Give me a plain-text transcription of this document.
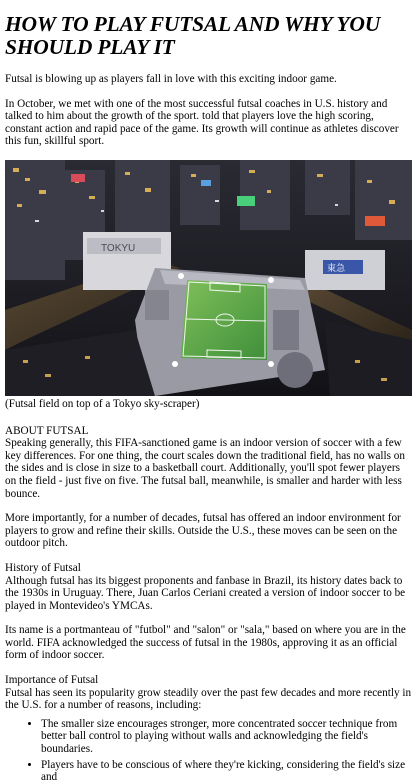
HOW TO PLAY FUTSAL AND WHY YOU SHOULD PLAY IT

Futsal is blowing up as players fall in love with this exciting indoor game.

In October, we met with one of the most successful futsal coaches in U.S. history and talked to him about the growth of the sport. told that players love the high scoring, constant action and rapid pace of the game. Its growth will continue as athletes discover this fun, skillful sport.

TOKYU
東急

(Futsal field on top of a Tokyo sky-scraper)

ABOUT FUTSAL

Speaking generally, this FIFA-sanctioned game is an indoor version of soccer with a few key differences. For one thing, the court scales down the traditional field, has no walls on the sides and is close in size to a basketball court. Additionally, you'll spot fewer players on the field - just five on five. The futsal ball, meanwhile, is smaller and harder with less bounce.

More importantly, for a number of decades, futsal has offered an indoor environment for players to grow and refine their skills. Outside the U.S., these moves can be seen on the outdoor pitch.

History of Futsal

Although futsal has its biggest proponents and fanbase in Brazil, its history dates back to the 1930s in Uruguay. There, Juan Carlos Ceriani created a version of indoor soccer to be played in Montevideo's YMCAs.

Its name is a portmanteau of "futbol" and "salon" or "sala," based on where you are in the world. FIFA acknowledged the success of futsal in the 1980s, approving it as an official form of indoor soccer.

Importance of Futsal

Futsal has seen its popularity grow steadily over the past few decades and more recently in the U.S. for a number of reasons, including:

• The smaller size encourages stronger, more concentrated soccer technique from better ball control to playing without walls and acknowledging the field's boundaries.
• Players have to be conscious of where they're kicking, considering the field's size and
